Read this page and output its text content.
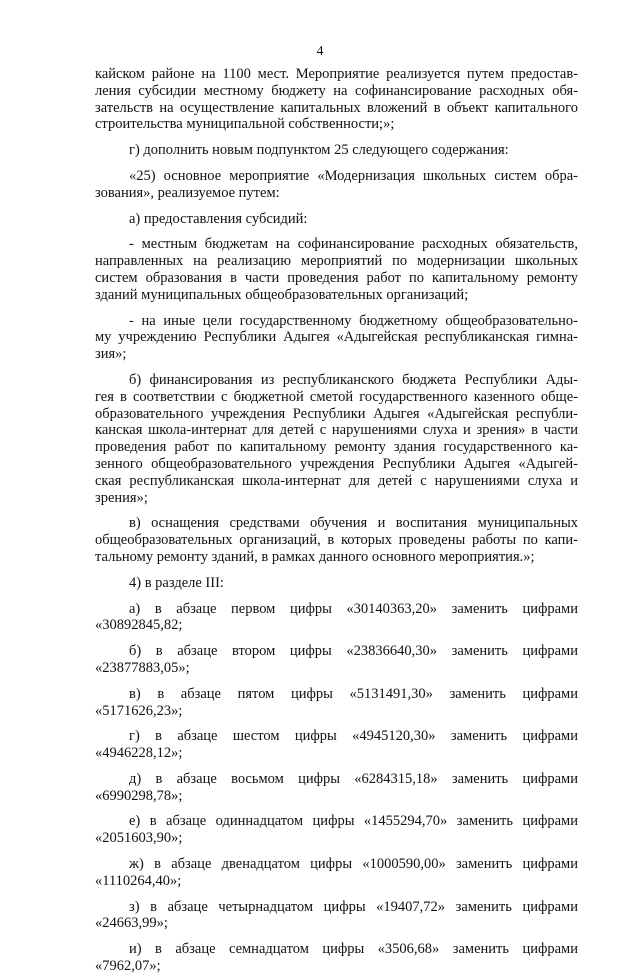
4
кайском районе на 1100 мест. Мероприятие реализуется путем предостав-
ления субсидии местному бюджету на софинансирование расходных обя-
зательств на осуществление капитальных вложений в объект капитального
строительства муниципальной собственности;»;
г) дополнить новым подпунктом 25 следующего содержания:
«25) основное мероприятие «Модернизация школьных систем обра-
зования», реализуемое путем:
а) предоставления субсидий:
- местным бюджетам на софинансирование расходных обязательств,
направленных на реализацию мероприятий по модернизации школьных
систем образования в части проведения работ по капитальному ремонту
зданий муниципальных общеобразовательных организаций;
- на иные цели государственному бюджетному общеобразовательно-
му учреждению Республики Адыгея «Адыгейская республиканская гимна-
зия»;
б) финансирования из республиканского бюджета Республики Ады-
гея в соответствии с бюджетной сметой государственного казенного обще-
образовательного учреждения Республики Адыгея «Адыгейская республи-
канская школа-интернат для детей с нарушениями слуха и зрения» в части
проведения работ по капитальному ремонту здания государственного ка-
зенного общеобразовательного учреждения Республики Адыгея «Адыгей-
ская республиканская школа-интернат для детей с нарушениями слуха и
зрения»;
в) оснащения средствами обучения и воспитания муниципальных
общеобразовательных организаций, в которых проведены работы по капи-
тальному ремонту зданий, в рамках данного основного мероприятия.»;
4) в разделе III:
а) в абзаце первом цифры «30140363,20» заменить цифрами
«30892845,82;
б) в абзаце втором цифры «23836640,30» заменить цифрами
«23877883,05»;
в) в абзаце пятом цифры «5131491,30» заменить цифрами
«5171626,23»;
г) в абзаце шестом цифры «4945120,30» заменить цифрами
«4946228,12»;
д) в абзаце восьмом цифры «6284315,18» заменить цифрами
«6990298,78»;
е) в абзаце одиннадцатом цифры «1455294,70» заменить цифрами
«2051603,90»;
ж) в абзаце двенадцатом цифры «1000590,00» заменить цифрами
«1110264,40»;
з) в абзаце четырнадцатом цифры «19407,72» заменить цифрами
«24663,99»;
и) в абзаце семнадцатом цифры «3506,68» заменить цифрами
«7962,07»;
